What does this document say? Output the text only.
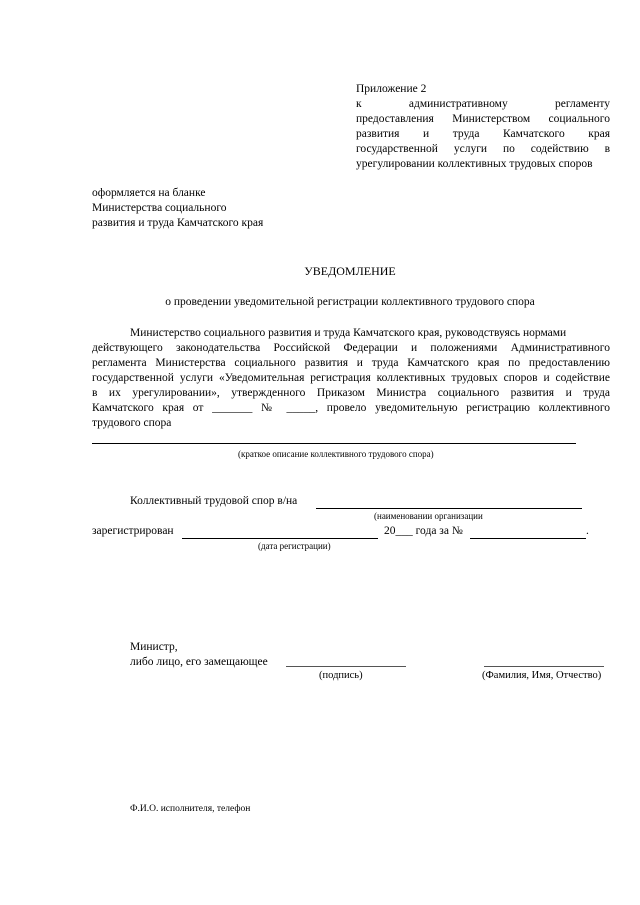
Приложение 2
к административному регламенту
предоставления Министерством социального
развития и труда Камчатского края
государственной услуги по содействию в
урегулировании коллективных трудовых споров
оформляется на бланке
Министерства социального
развития и труда Камчатского края
УВЕДОМЛЕНИЕ
о проведении уведомительной регистрации коллективного трудового спора
Министерство социального развития и труда Камчатского края, руководствуясь нормами
действующего законодательства Российской Федерации и положениями Административного
регламента Министерства социального развития и труда Камчатского края по предоставлению
государственной услуги «Уведомительная регистрация коллективных трудовых споров и содействие
в их урегулировании», утвержденного Приказом Министра социального развития и труда
Камчатского края от _______ № _____, провело уведомительную регистрацию коллективного
трудового спора
(краткое описание коллективного трудового спора)
Коллективный трудовой спор в/на
(наименовании организации
зарегистрирован	20___ года за №	.
(дата регистрации)
Министр,
либо лицо, его замещающее
(подпись)	(Фамилия, Имя, Отчество)
Ф.И.О. исполнителя, телефон
